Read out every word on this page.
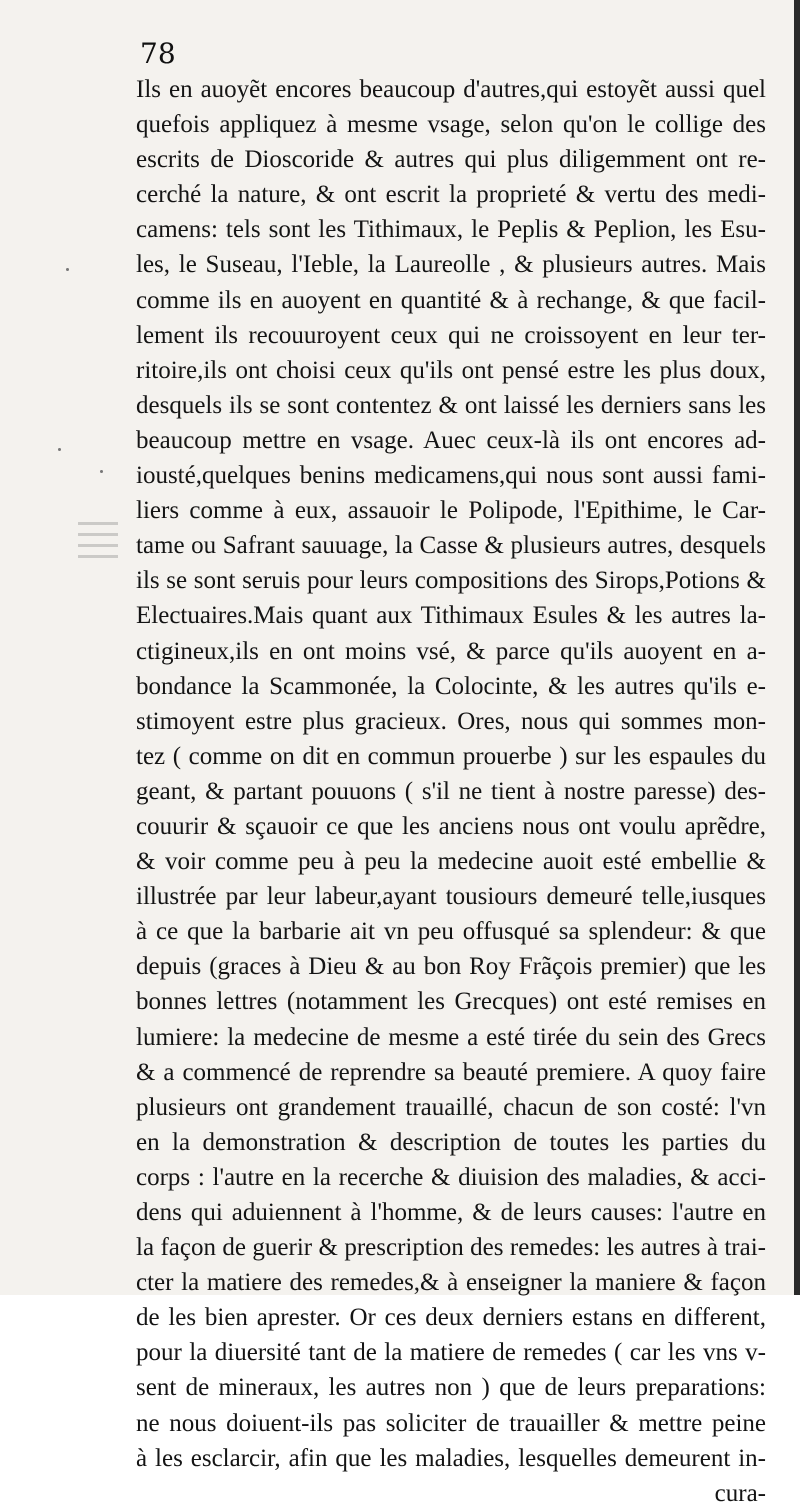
78
Ils en auoyẽt encores beaucoup d'autres,qui estoyẽt aussi quel
quefois appliquez à mesme vsage, selon qu'on le collige des
escrits de Dioscoride & autres qui plus diligemment ont re-
cerché la nature, & ont escrit la proprieté & vertu des medi-
camens: tels sont les Tithimaux, le Peplis & Peplion, les Esu-
les, le Suseau, l'Ieble, la Laureolle , & plusieurs autres. Mais
comme ils en auoyent en quantité & à rechange, & que facil-
lement ils recouuroyent ceux qui ne croissoyent en leur ter-
ritoire,ils ont choisi ceux qu'ils ont pensé estre les plus doux,
desquels ils se sont contentez & ont laissé les derniers sans les
beaucoup mettre en vsage. Auec ceux-là ils ont encores ad-
iousté,quelques benins medicamens,qui nous sont aussi fami-
liers comme à eux, assauoir le Polipode, l'Epithime, le Car-
tame ou Safrant sauuage, la Casse & plusieurs autres, desquels
ils se sont seruis pour leurs compositions des Sirops,Potions &
Electuaires.Mais quant aux Tithimaux Esules & les autres la-
ctigineux,ils en ont moins vsé, & parce qu'ils auoyent en a-
bondance la Scammonée, la Colocinte, & les autres qu'ils e-
stimoyent estre plus gracieux. Ores, nous qui sommes mon-
tez ( comme on dit en commun prouerbe ) sur les espaules du
geant, & partant pouuons ( s'il ne tient à nostre paresse) des-
couurir & sçauoir ce que les anciens nous ont voulu aprẽdre,
& voir comme peu à peu la medecine auoit esté embellie &
illustrée par leur labeur,ayant tousiours demeuré telle,iusques
à ce que la barbarie ait vn peu offusqué sa splendeur: & que
depuis (graces à Dieu & au bon Roy Frãçois premier) que les
bonnes lettres (notamment les Grecques) ont esté remises en
lumiere: la medecine de mesme a esté tirée du sein des Grecs
& a commencé de reprendre sa beauté premiere. A quoy faire
plusieurs ont grandement trauaillé, chacun de son costé: l'vn
en la demonstration & description de toutes les parties du
corps : l'autre en la recerche & diuision des maladies, & acci-
dens qui aduiennent à l'homme, & de leurs causes: l'autre en
la façon de guerir & prescription des remedes: les autres à trai-
cter la matiere des remedes,& à enseigner la maniere & façon
de les bien aprester. Or ces deux derniers estans en different,
pour la diuersité tant de la matiere de remedes ( car les vns v-
sent de mineraux, les autres non ) que de leurs preparations:
ne nous doiuent-ils pas soliciter de trauailler & mettre peine
à les esclarcir, afin que les maladies, lesquelles demeurent in-
cura-
